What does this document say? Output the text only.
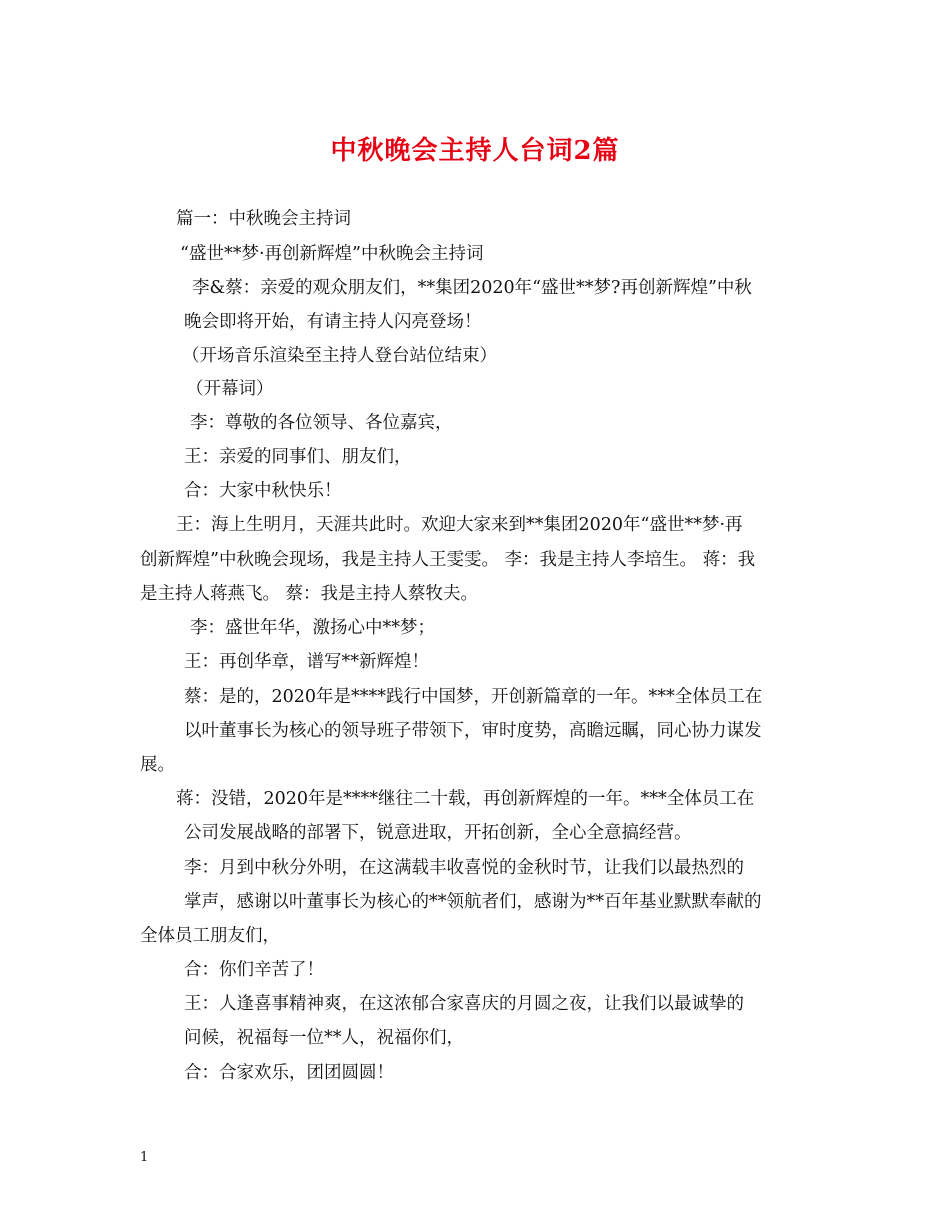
中秋晚会主持人台词2篇
篇一：中秋晚会主持词
“盛世**梦·再创新辉煌”中秋晚会主持词
李&蔡：亲爱的观众朋友们，**集团2020年“盛世**梦?再创新辉煌”中秋
晚会即将开始，有请主持人闪亮登场！
（开场音乐渲染至主持人登台站位结束）
（开幕词）
李：尊敬的各位领导、各位嘉宾，
王：亲爱的同事们、朋友们，
合：大家中秋快乐！
王：海上生明月，天涯共此时。欢迎大家来到**集团2020年“盛世**梦·再
创新辉煌”中秋晚会现场，我是主持人王雯雯。 李：我是主持人李培生。 蒋：我
是主持人蒋燕飞。 蔡：我是主持人蔡牧夫。
李：盛世年华，激扬心中**梦；
王：再创华章，谱写**新辉煌！
蔡：是的，2020年是****践行中国梦，开创新篇章的一年。***全体员工在
以叶董事长为核心的领导班子带领下，审时度势，高瞻远瞩，同心协力谋发
展。
蒋：没错，2020年是****继往二十载，再创新辉煌的一年。***全体员工在
公司发展战略的部署下，锐意进取，开拓创新，全心全意搞经营。
李：月到中秋分外明，在这满载丰收喜悦的金秋时节，让我们以最热烈的
掌声，感谢以叶董事长为核心的**领航者们，感谢为**百年基业默默奉献的
全体员工朋友们，
合：你们辛苦了！
王：人逢喜事精神爽，在这浓郁合家喜庆的月圆之夜，让我们以最诚挚的
问候，祝福每一位**人，祝福你们，
合：合家欢乐，团团圆圆！
1
